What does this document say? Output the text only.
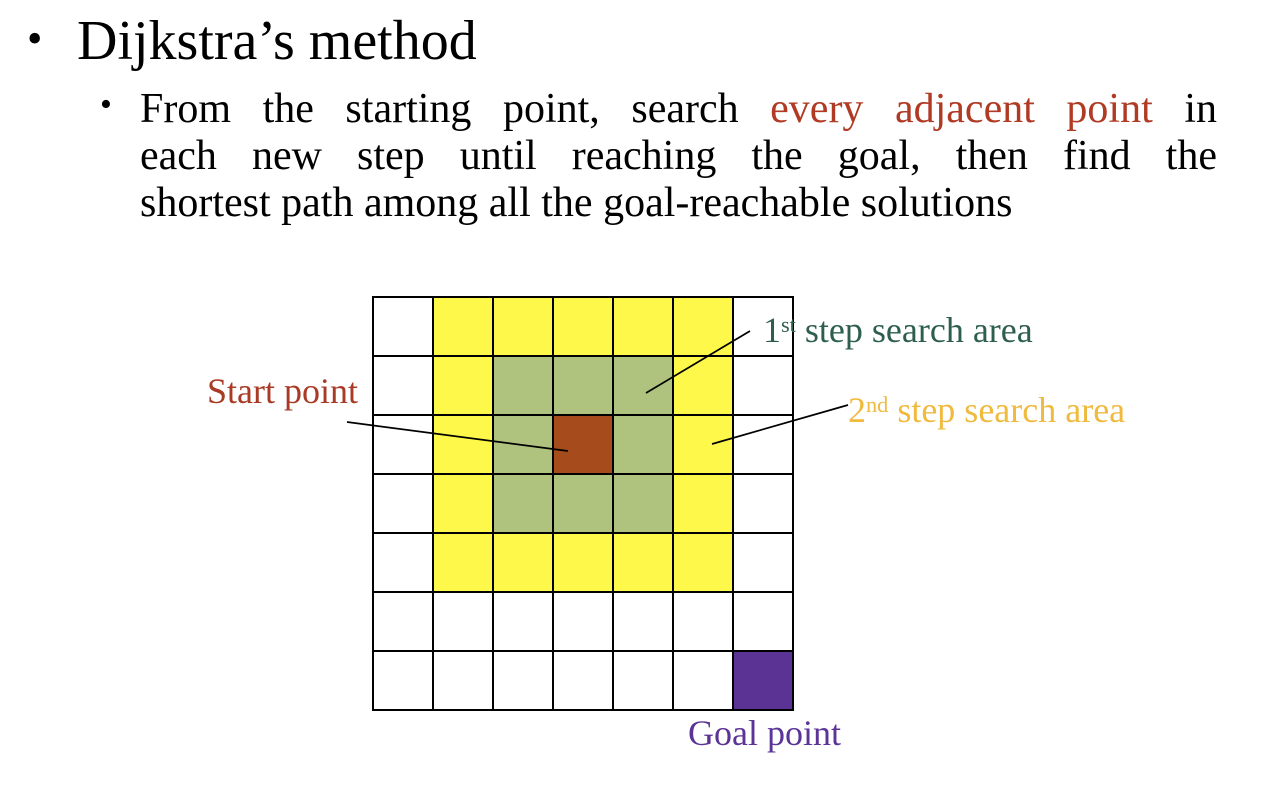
• Dijkstra’s method
• From the starting point, search every adjacent point in
each new step until reaching the goal, then find the
shortest path among all the goal-reachable solutions
Start point
1st step search area
2nd step search area
Goal point
